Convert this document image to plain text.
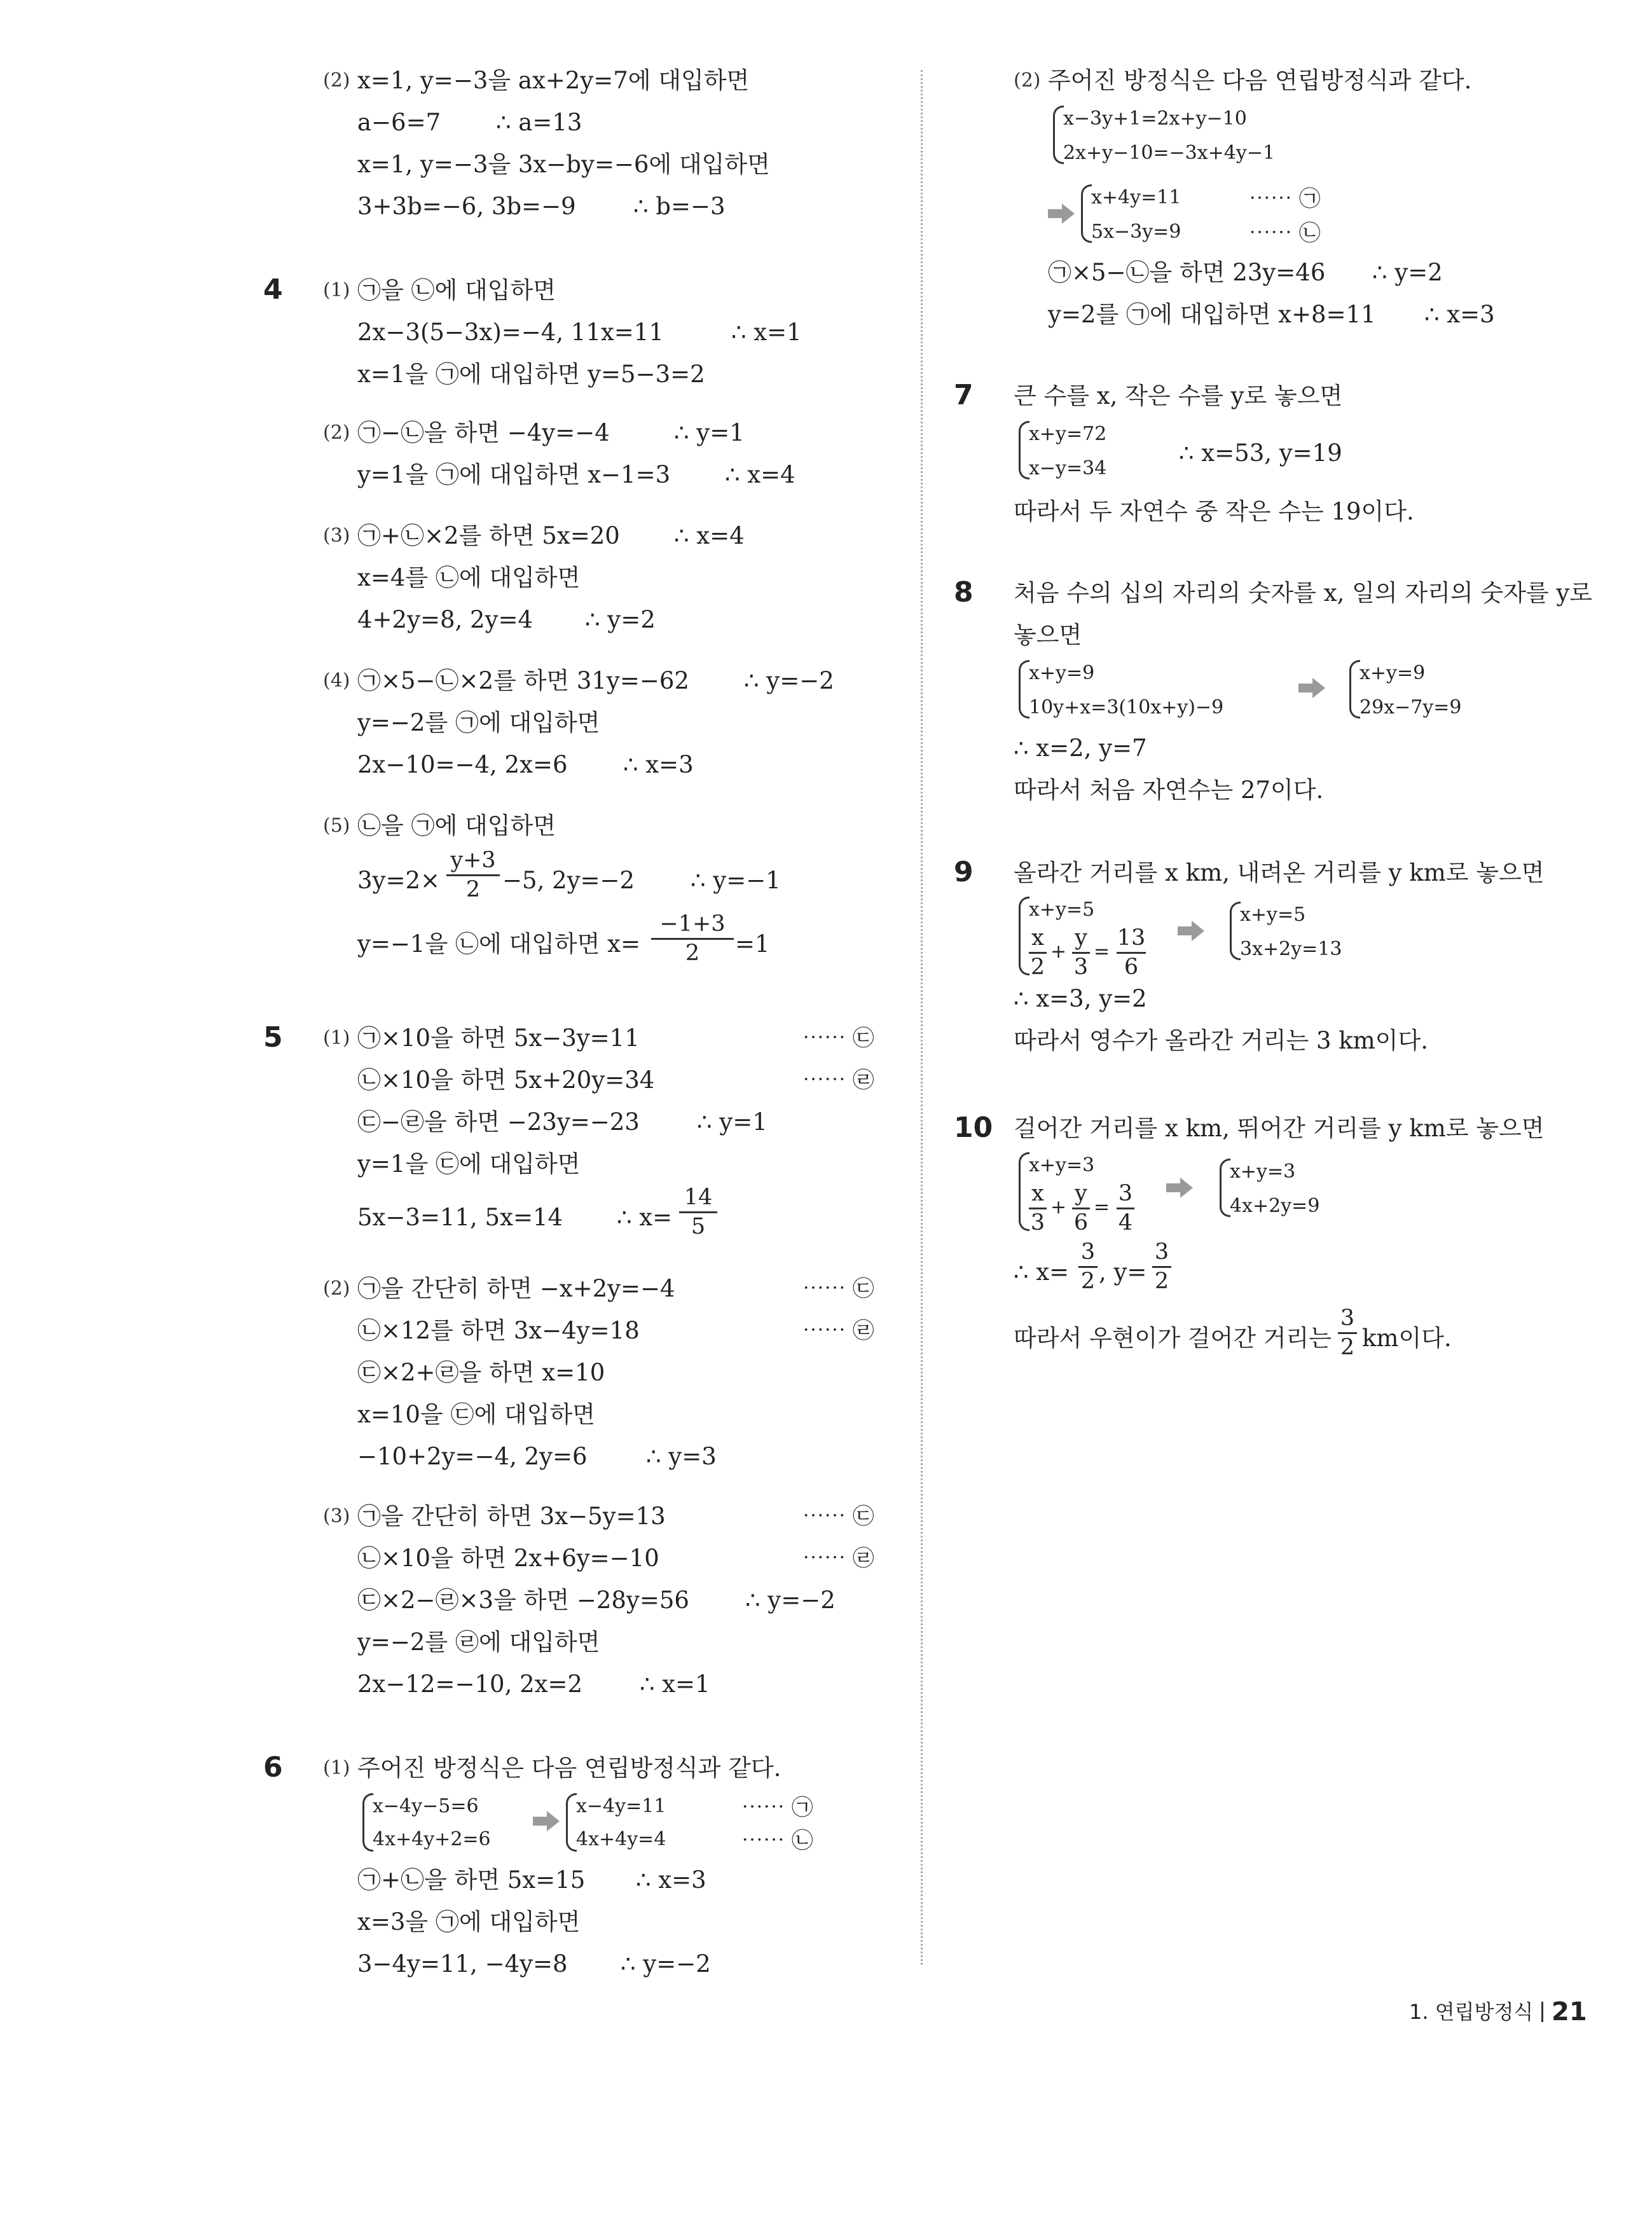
(2) x=1, y=−3을 ax+2y=7에 대입하면
a−6=7 ∴ a=13
x=1, y=−3을 3x−by=−6에 대입하면
3+3b=−6, 3b=−9 ∴ b=−3
4 (1) ㉠을 ㉡에 대입하면
2x−3(5−3x)=−4, 11x=11	∴ x=1
x=1을 ㉠에 대입하면 y=5−3=2
(2) ㉠−㉡을 하면 −4y=−4	∴ y=1
y=1을 ㉠에 대입하면 x−1=3 ∴ x=4
(3) ㉠+㉡×2를 하면 5x=20 ∴ x=4
x=4를 ㉡에 대입하면
4+2y=8, 2y=4 ∴ y=2
(4) ㉠×5−㉡×2를 하면 31y=−62 ∴ y=−2
y=−2를 ㉠에 대입하면
2x−10=−4, 2x=6 ∴ x=3
(5) ㉡을 ㉠에 대입하면
3y=2×
y+3
2 −5, 2y=−2 ∴ y=−1
y=−1을 ㉡에 대입하면 x=
−1+3
2	=1
5 (1) ㉠×10을 하면 5x−3y=11	⋯⋯ ㉢
㉡×10을 하면 5x+20y=34	⋯⋯ ㉣
㉢−㉣을 하면 −23y=−23 ∴ y=1
y=1을 ㉢에 대입하면
5x−3=11, 5x=14 ∴ x=
14
5
(2) ㉠을 간단히 하면 −x+2y=−4	⋯⋯ ㉢
㉡×12를 하면 3x−4y=18	⋯⋯ ㉣
㉢×2+㉣을 하면 x=10
x=10을 ㉢에 대입하면
−10+2y=−4, 2y=6 ∴ y=3
(3) ㉠을 간단히 하면 3x−5y=13	⋯⋯ ㉢
㉡×10을 하면 2x+6y=−10	⋯⋯ ㉣
㉢×2−㉣×3을 하면 −28y=56 ∴ y=−2
y=−2를 ㉣에 대입하면
2x−12=−10, 2x=2 ∴ x=1
6 (1) 주어진 방정식은 다음 연립방정식과 같다.
x−4y−5=6
4x+4y+2=6
x−4y=11
4x+4y=4
⋯⋯ ㉠
⋯⋯ ㉡
㉠+㉡을 하면 5x=15 ∴ x=3
x=3을 ㉠에 대입하면
3−4y=11, −4y=8 ∴ y=−2
(2) 주어진 방정식은 다음 연립방정식과 같다.
x−3y+1=2x+y−10
2x+y−10=−3x+4y−1
x+4y=11
5x−3y=9
⋯⋯ ㉠
⋯⋯ ㉡
㉠×5−㉡을 하면 23y=46 ∴ y=2
y=2를 ㉠에 대입하면 x+8=11 ∴ x=3
7 큰 수를 x, 작은 수를 y로 놓으면
x+y=72
x−y=34
∴ x=53, y=19
따라서 두 자연수 중 작은 수는 19이다.
8 처음 수의 십의 자리의 숫자를 x, 일의 자리의 숫자를 y로
놓으면
x+y=9
10y+x=3(10x+y)−9
x+y=9
29x−7y=9
∴ x=2, y=7
따라서 처음 자연수는 27이다.
9 올라간 거리를 x km, 내려온 거리를 y km로 놓으면
x+y=5
x
2
+
y
3
=
13
6
x+y=5
3x+2y=13
∴ x=3, y=2
따라서 영수가 올라간 거리는 3 km이다.
10 걸어간 거리를 x km, 뛰어간 거리를 y km로 놓으면
x+y=3
x
3
+
y
6
=
3
4
x+y=3
4x+2y=9
∴ x=
3
2 , y=
3
2
따라서 우현이가 걸어간 거리는
3
2 km이다.
1. 연립방정식 21
